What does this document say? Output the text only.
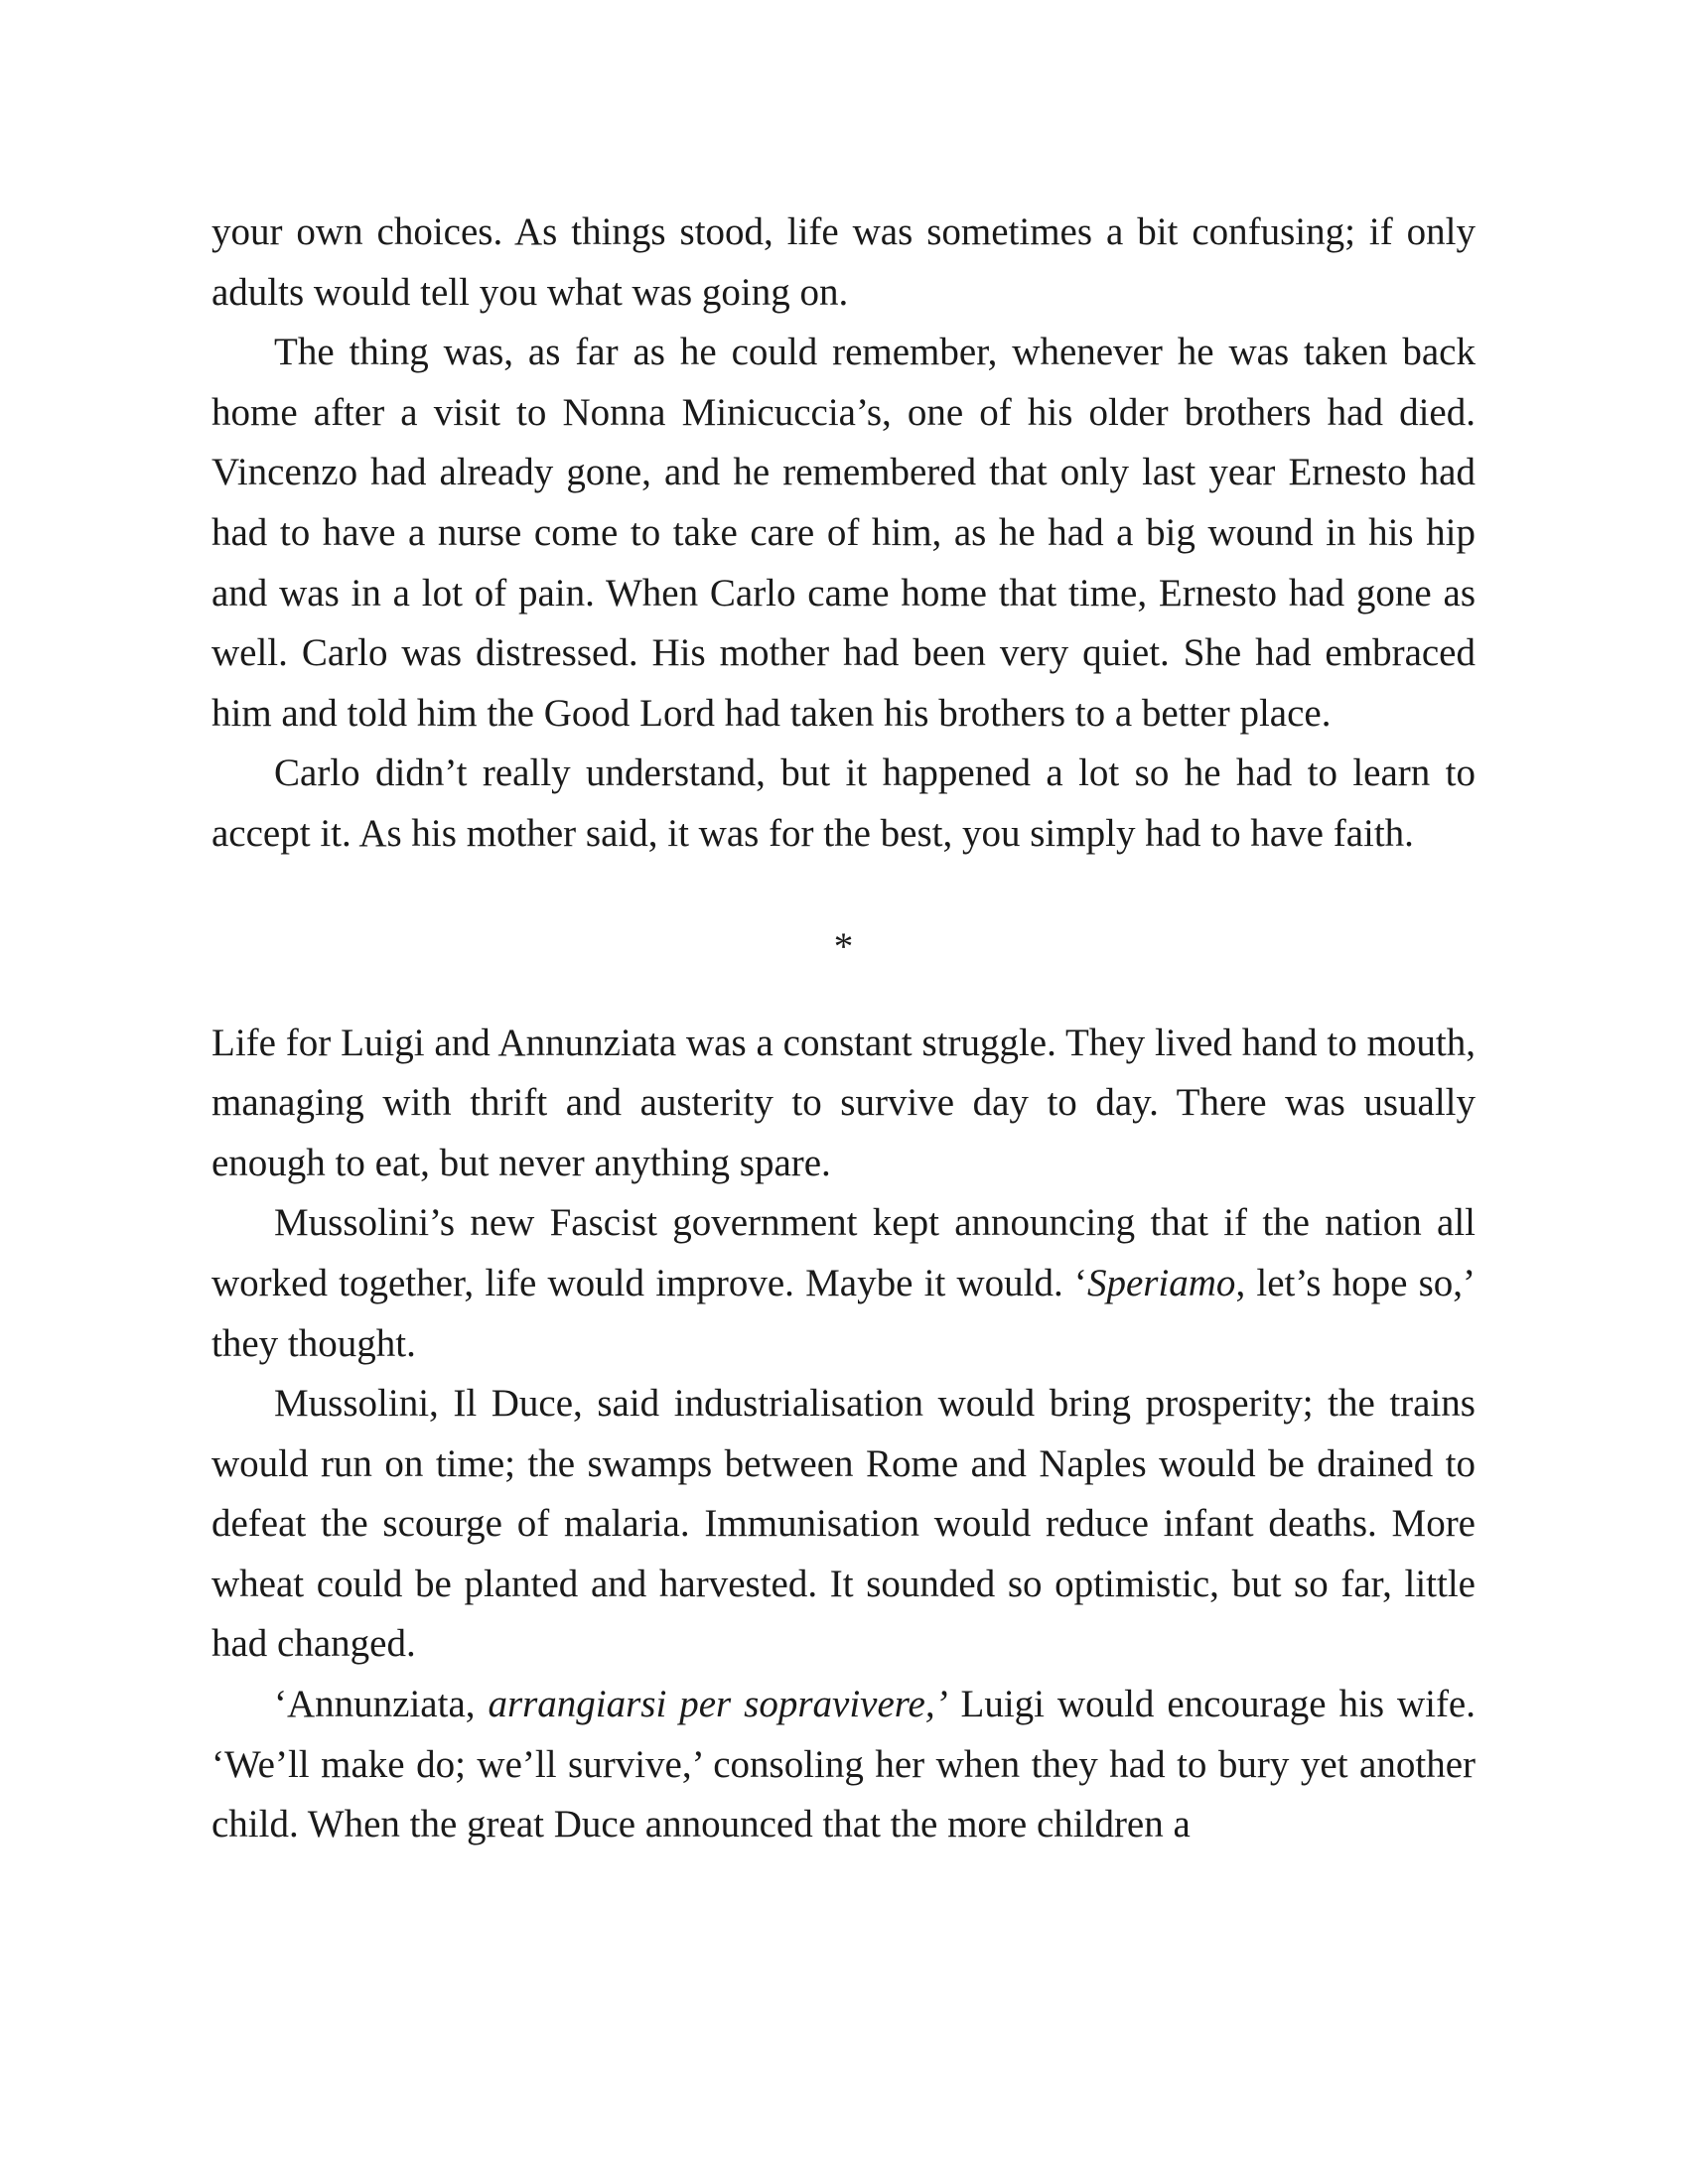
your own choices. As things stood, life was sometimes a bit confusing; if only adults would tell you what was going on.

The thing was, as far as he could remember, whenever he was taken back home after a visit to Nonna Minicuccia’s, one of his older brothers had died. Vincenzo had already gone, and he remembered that only last year Ernesto had had to have a nurse come to take care of him, as he had a big wound in his hip and was in a lot of pain. When Carlo came home that time, Ernesto had gone as well. Carlo was distressed. His mother had been very quiet. She had embraced him and told him the Good Lord had taken his brothers to a better place.

Carlo didn’t really understand, but it happened a lot so he had to learn to accept it. As his mother said, it was for the best, you simply had to have faith.

*

Life for Luigi and Annunziata was a constant struggle. They lived hand to mouth, managing with thrift and austerity to survive day to day. There was usually enough to eat, but never anything spare.

Mussolini’s new Fascist government kept announcing that if the nation all worked together, life would improve. Maybe it would. ‘Speriamo, let’s hope so,’ they thought.

Mussolini, Il Duce, said industrialisation would bring prosperity; the trains would run on time; the swamps between Rome and Naples would be drained to defeat the scourge of malaria. Immunisation would reduce infant deaths. More wheat could be planted and harvested. It sounded so optimistic, but so far, little had changed.

‘Annunziata, arrangiarsi per sopravivere,’ Luigi would encourage his wife. ‘We’ll make do; we’ll survive,’ consoling her when they had to bury yet another child. When the great Duce announced that the more children a
